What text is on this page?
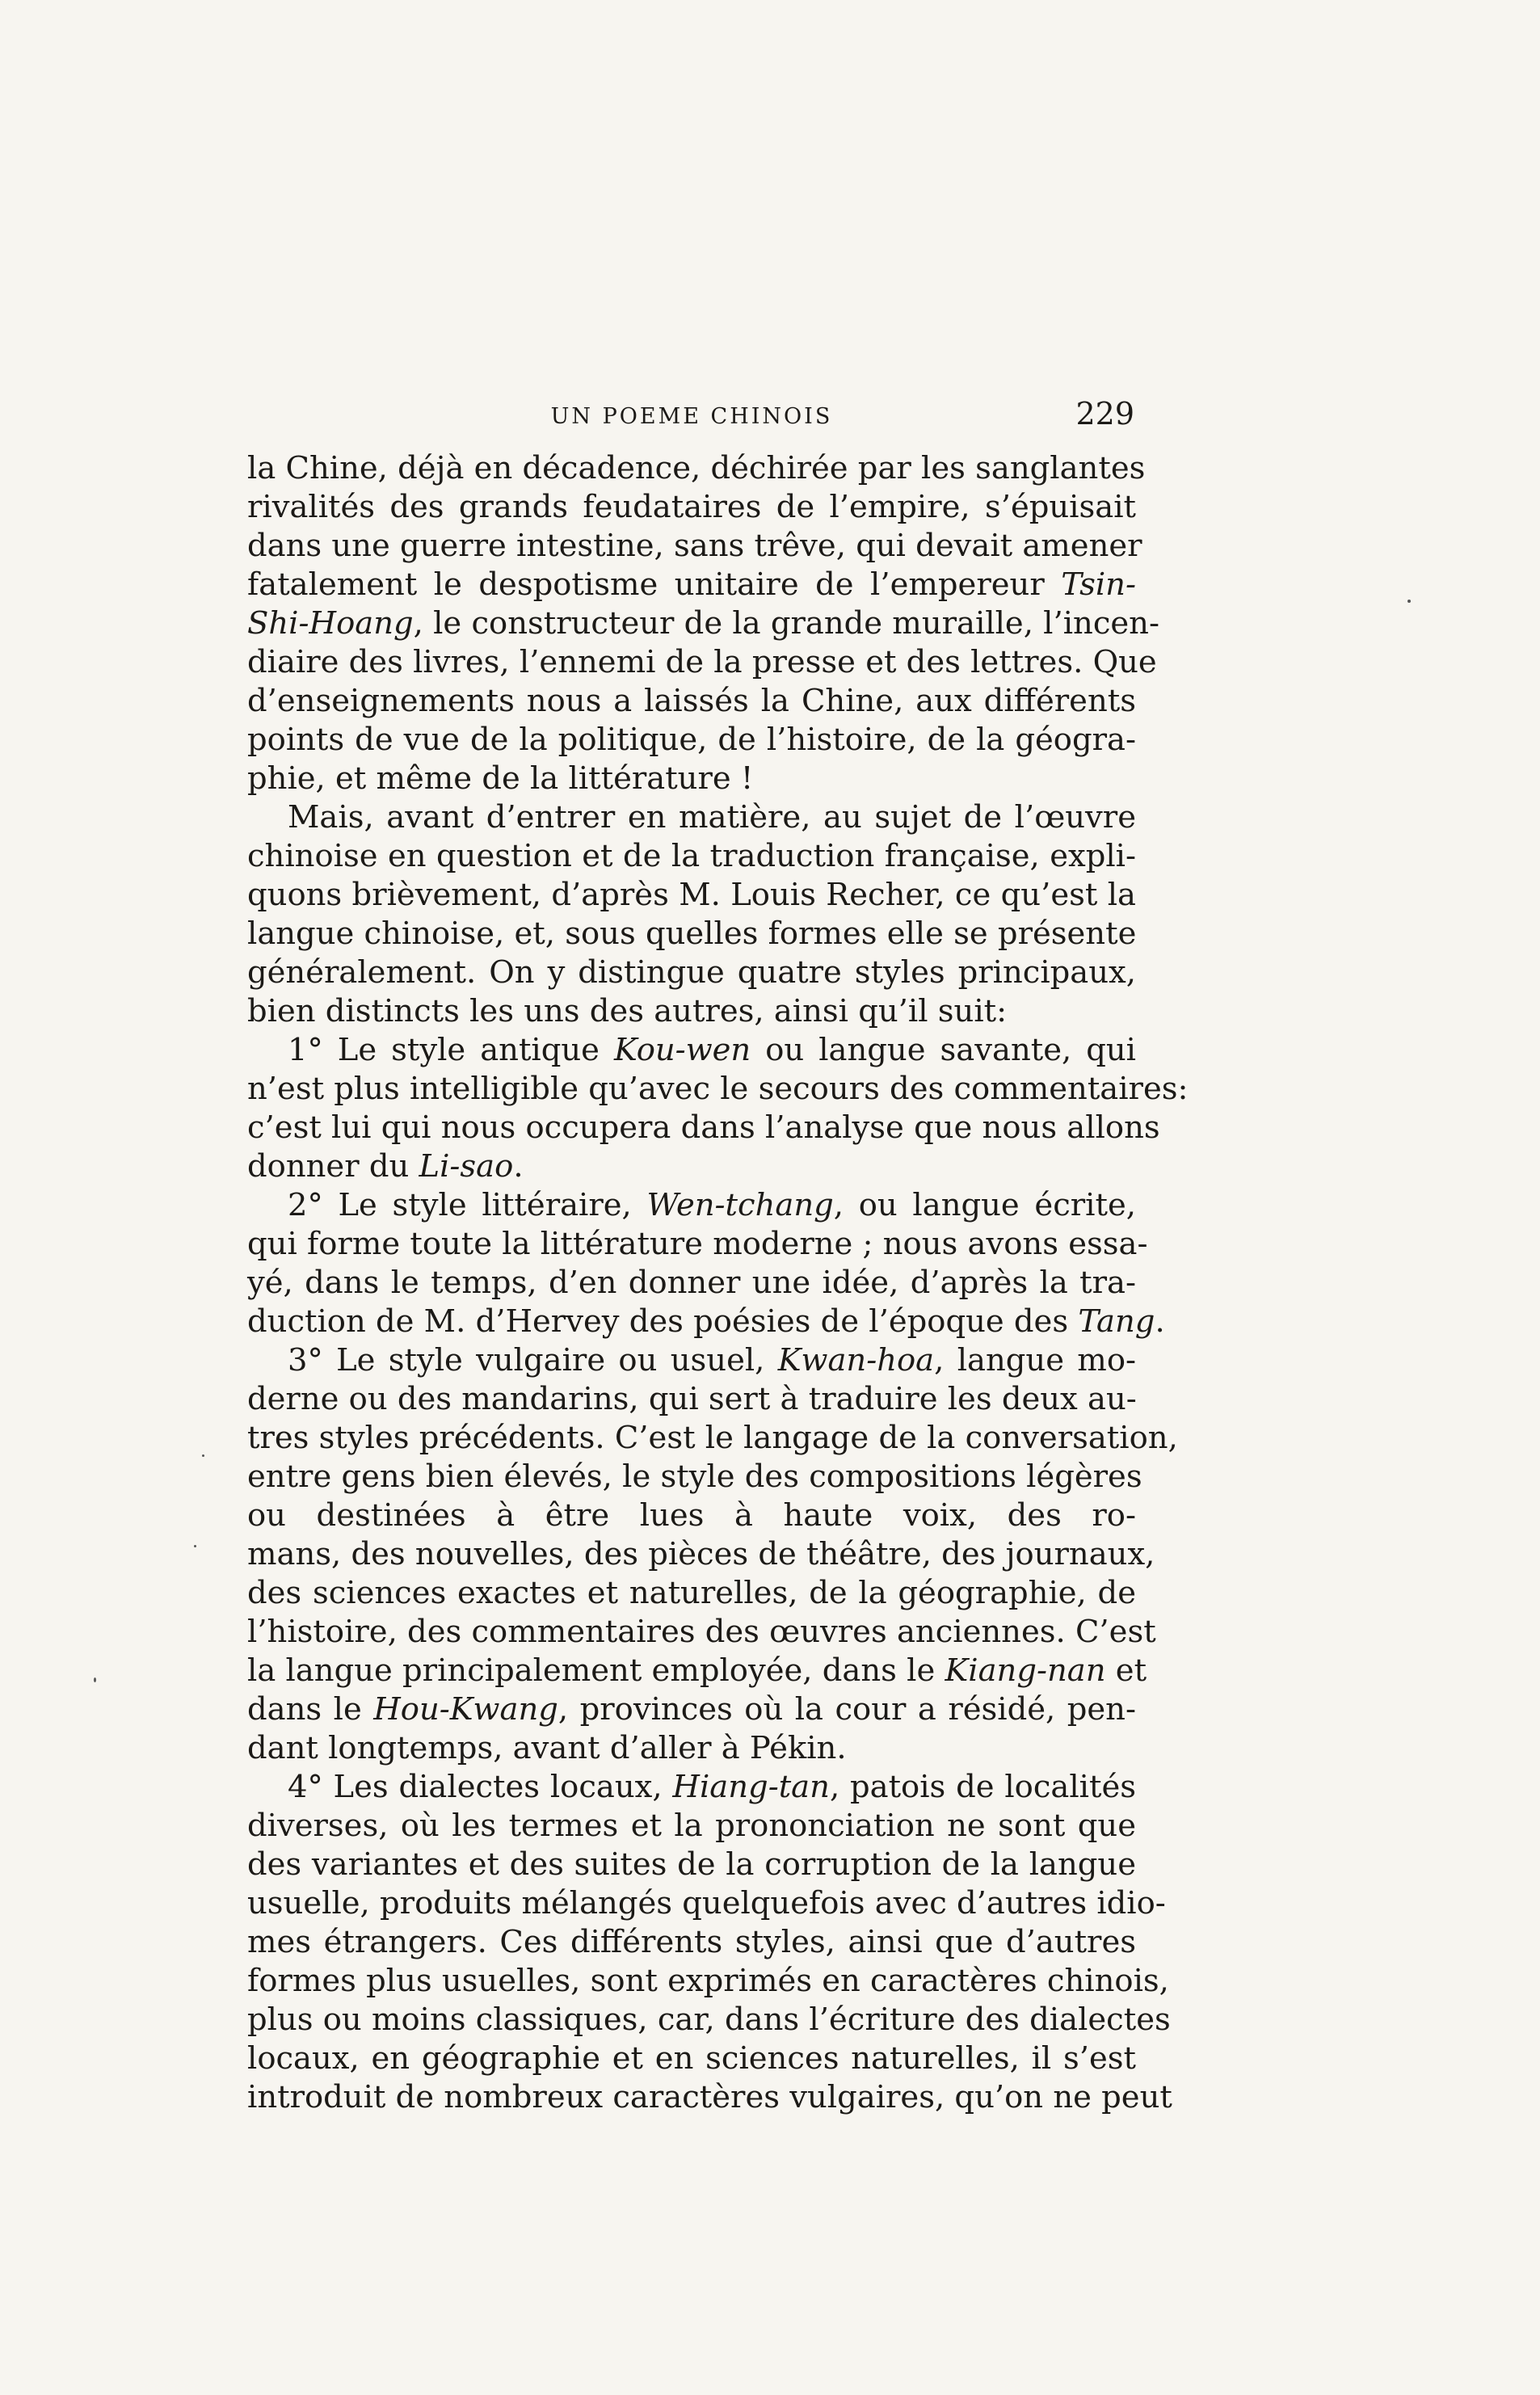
UN POEME CHINOIS	229
la Chine, déjà en décadence, déchirée par les sanglantes
rivalités des grands feudataires de l’empire, s’épuisait
dans une guerre intestine, sans trêve, qui devait amener
fatalement le despotisme unitaire de l’empereur Tsin-
Shi-Hoang, le constructeur de la grande muraille, l’incen-
diaire des livres, l’ennemi de la presse et des lettres. Que
d’enseignements nous a laissés la Chine, aux différents
points de vue de la politique, de l’histoire, de la géogra-
phie, et même de la littérature !
Mais, avant d’entrer en matière, au sujet de l’œuvre
chinoise en question et de la traduction française, expli-
quons brièvement, d’après M. Louis Recher, ce qu’est la
langue chinoise, et, sous quelles formes elle se présente
généralement. On y distingue quatre styles principaux,
bien distincts les uns des autres, ainsi qu’il suit:
1° Le style antique Kou-wen ou langue savante, qui
n’est plus intelligible qu’avec le secours des commentaires:
c’est lui qui nous occupera dans l’analyse que nous allons
donner du Li-sao.
2° Le style littéraire, Wen-tchang, ou langue écrite,
qui forme toute la littérature moderne ; nous avons essa-
yé, dans le temps, d’en donner une idée, d’après la tra-
duction de M. d’Hervey des poésies de l’époque des Tang.
3° Le style vulgaire ou usuel, Kwan-hoa, langue mo-
derne ou des mandarins, qui sert à traduire les deux au-
tres styles précédents. C’est le langage de la conversation,
entre gens bien élevés, le style des compositions légères
ou destinées à être lues à haute voix, des ro-
mans, des nouvelles, des pièces de théâtre, des journaux,
des sciences exactes et naturelles, de la géographie, de
l’histoire, des commentaires des œuvres anciennes. C’est
la langue principalement employée, dans le Kiang-nan et
dans le Hou-Kwang, provinces où la cour a résidé, pen-
dant longtemps, avant d’aller à Pékin.
4° Les dialectes locaux, Hiang-tan, patois de localités
diverses, où les termes et la prononciation ne sont que
des variantes et des suites de la corruption de la langue
usuelle, produits mélangés quelquefois avec d’autres idio-
mes étrangers. Ces différents styles, ainsi que d’autres
formes plus usuelles, sont exprimés en caractères chinois,
plus ou moins classiques, car, dans l’écriture des dialectes
locaux, en géographie et en sciences naturelles, il s’est
introduit de nombreux caractères vulgaires, qu’on ne peut
